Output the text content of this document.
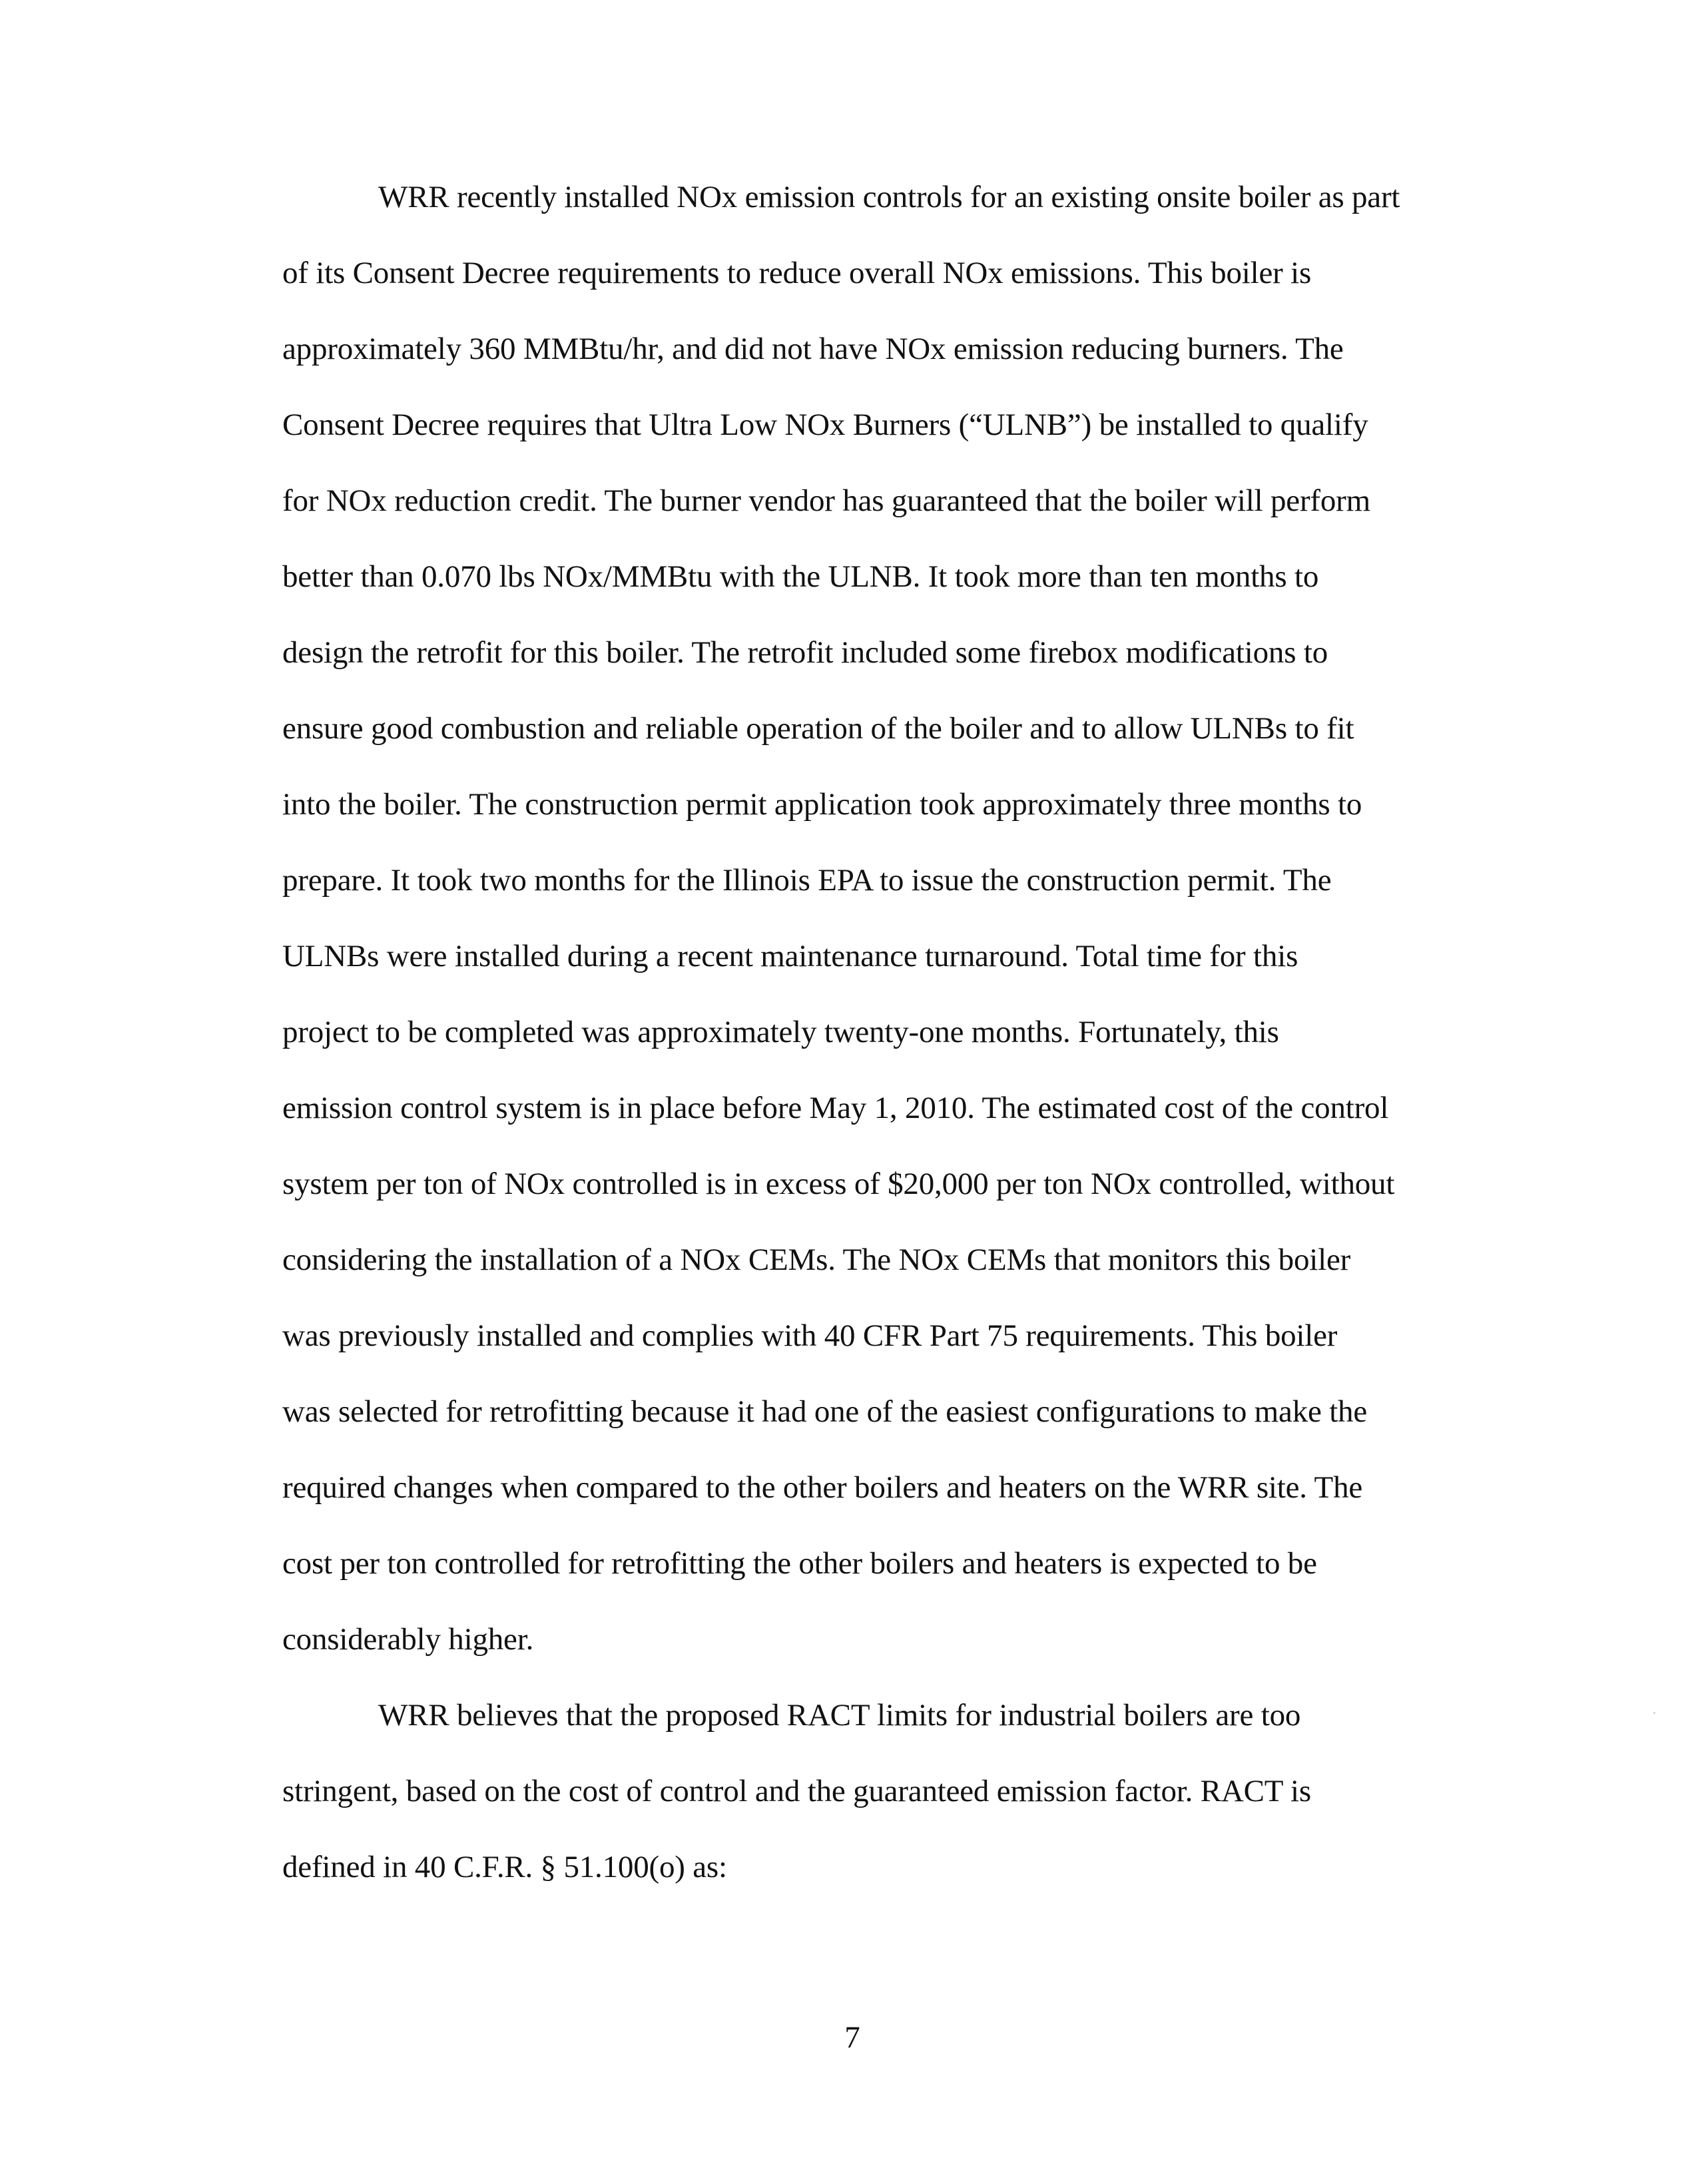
WRR recently installed NOx emission controls for an existing onsite boiler as part
of its Consent Decree requirements to reduce overall NOx emissions. This boiler is
approximately 360 MMBtu/hr, and did not have NOx emission reducing burners. The
Consent Decree requires that Ultra Low NOx Burners (“ULNB”) be installed to qualify
for NOx reduction credit. The burner vendor has guaranteed that the boiler will perform
better than 0.070 lbs NOx/MMBtu with the ULNB. It took more than ten months to
design the retrofit for this boiler. The retrofit included some firebox modifications to
ensure good combustion and reliable operation of the boiler and to allow ULNBs to fit
into the boiler. The construction permit application took approximately three months to
prepare. It took two months for the Illinois EPA to issue the construction permit. The
ULNBs were installed during a recent maintenance turnaround. Total time for this
project to be completed was approximately twenty-one months. Fortunately, this
emission control system is in place before May 1, 2010. The estimated cost of the control
system per ton of NOx controlled is in excess of $20,000 per ton NOx controlled, without
considering the installation of a NOx CEMs. The NOx CEMs that monitors this boiler
was previously installed and complies with 40 CFR Part 75 requirements. This boiler
was selected for retrofitting because it had one of the easiest configurations to make the
required changes when compared to the other boilers and heaters on the WRR site. The
cost per ton controlled for retrofitting the other boilers and heaters is expected to be
considerably higher.
WRR believes that the proposed RACT limits for industrial boilers are too
stringent, based on the cost of control and the guaranteed emission factor. RACT is
defined in 40 C.F.R. § 51.100(o) as:
7
